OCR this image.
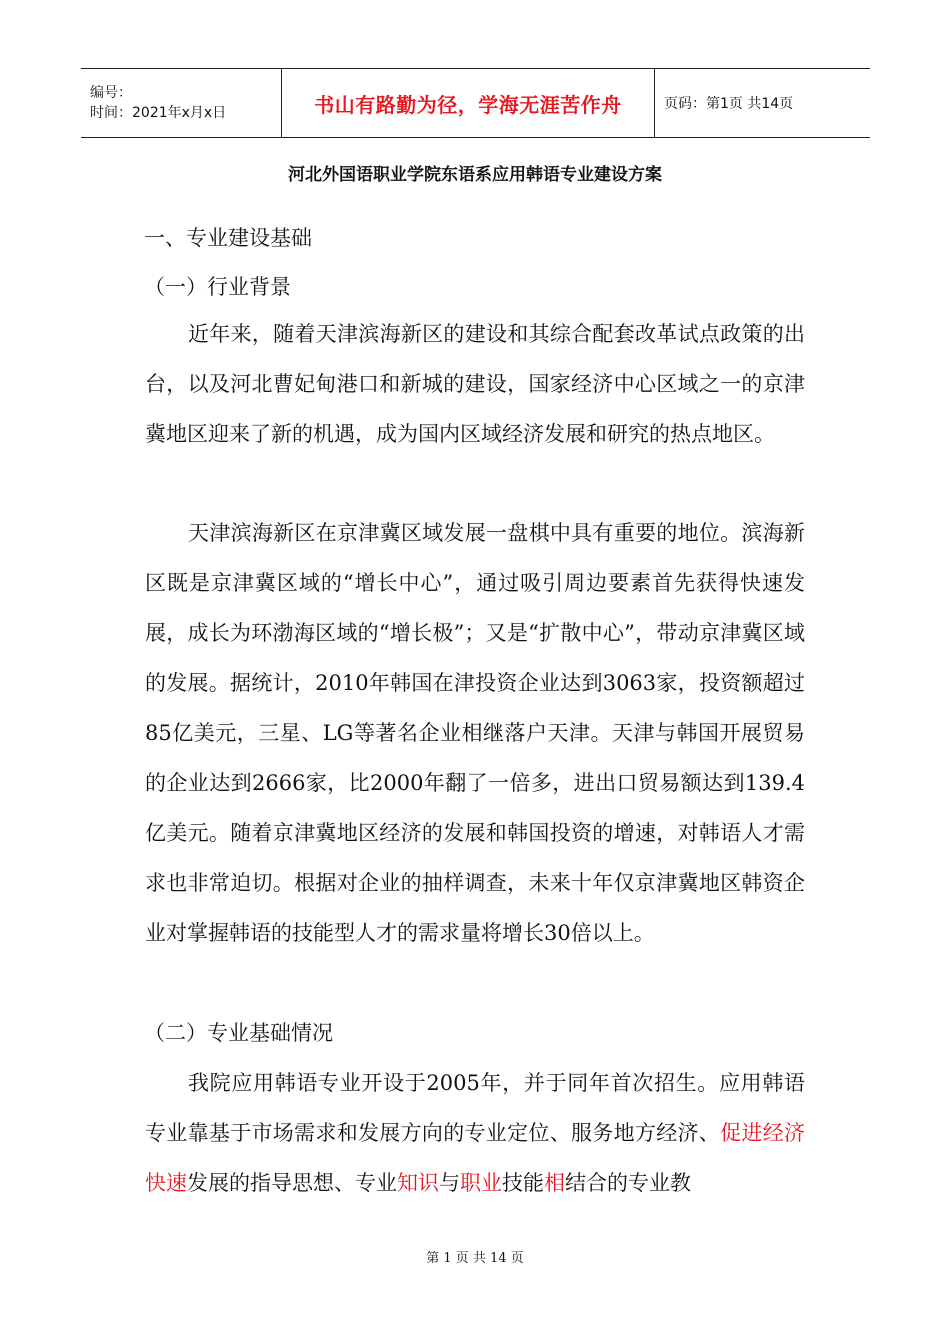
编号：
时间：2021年x月x日	书山有路勤为径，学海无涯苦作舟	页码：第1页 共14页
河北外国语职业学院东语系应用韩语专业建设方案
一、专业建设基础
（一）行业背景
近年来，随着天津滨海新区的建设和其综合配套改革试点政策的出台，以及河北曹妃甸港口和新城的建设，国家经济中心区域之一的京津冀地区迎来了新的机遇，成为国内区域经济发展和研究的热点地区。
天津滨海新区在京津冀区域发展一盘棋中具有重要的地位。滨海新区既是京津冀区域的“增长中心”，通过吸引周边要素首先获得快速发展，成长为环渤海区域的“增长极”；又是“扩散中心”，带动京津冀区域的发展。据统计，2010年韩国在津投资企业达到3063家，投资额超过85亿美元，三星、LG等著名企业相继落户天津。天津与韩国开展贸易的企业达到2666家，比2000年翻了一倍多，进出口贸易额达到139.4亿美元。随着京津冀地区经济的发展和韩国投资的增速，对韩语人才需求也非常迫切。根据对企业的抽样调查，未来十年仅京津冀地区韩资企业对掌握韩语的技能型人才的需求量将增长30倍以上。
（二）专业基础情况
我院应用韩语专业开设于2005年，并于同年首次招生。应用韩语专业靠基于市场需求和发展方向的专业定位、服务地方经济、促进经济快速发展的指导思想、专业知识与职业技能相结合的专业教
第 1 页 共 14 页
